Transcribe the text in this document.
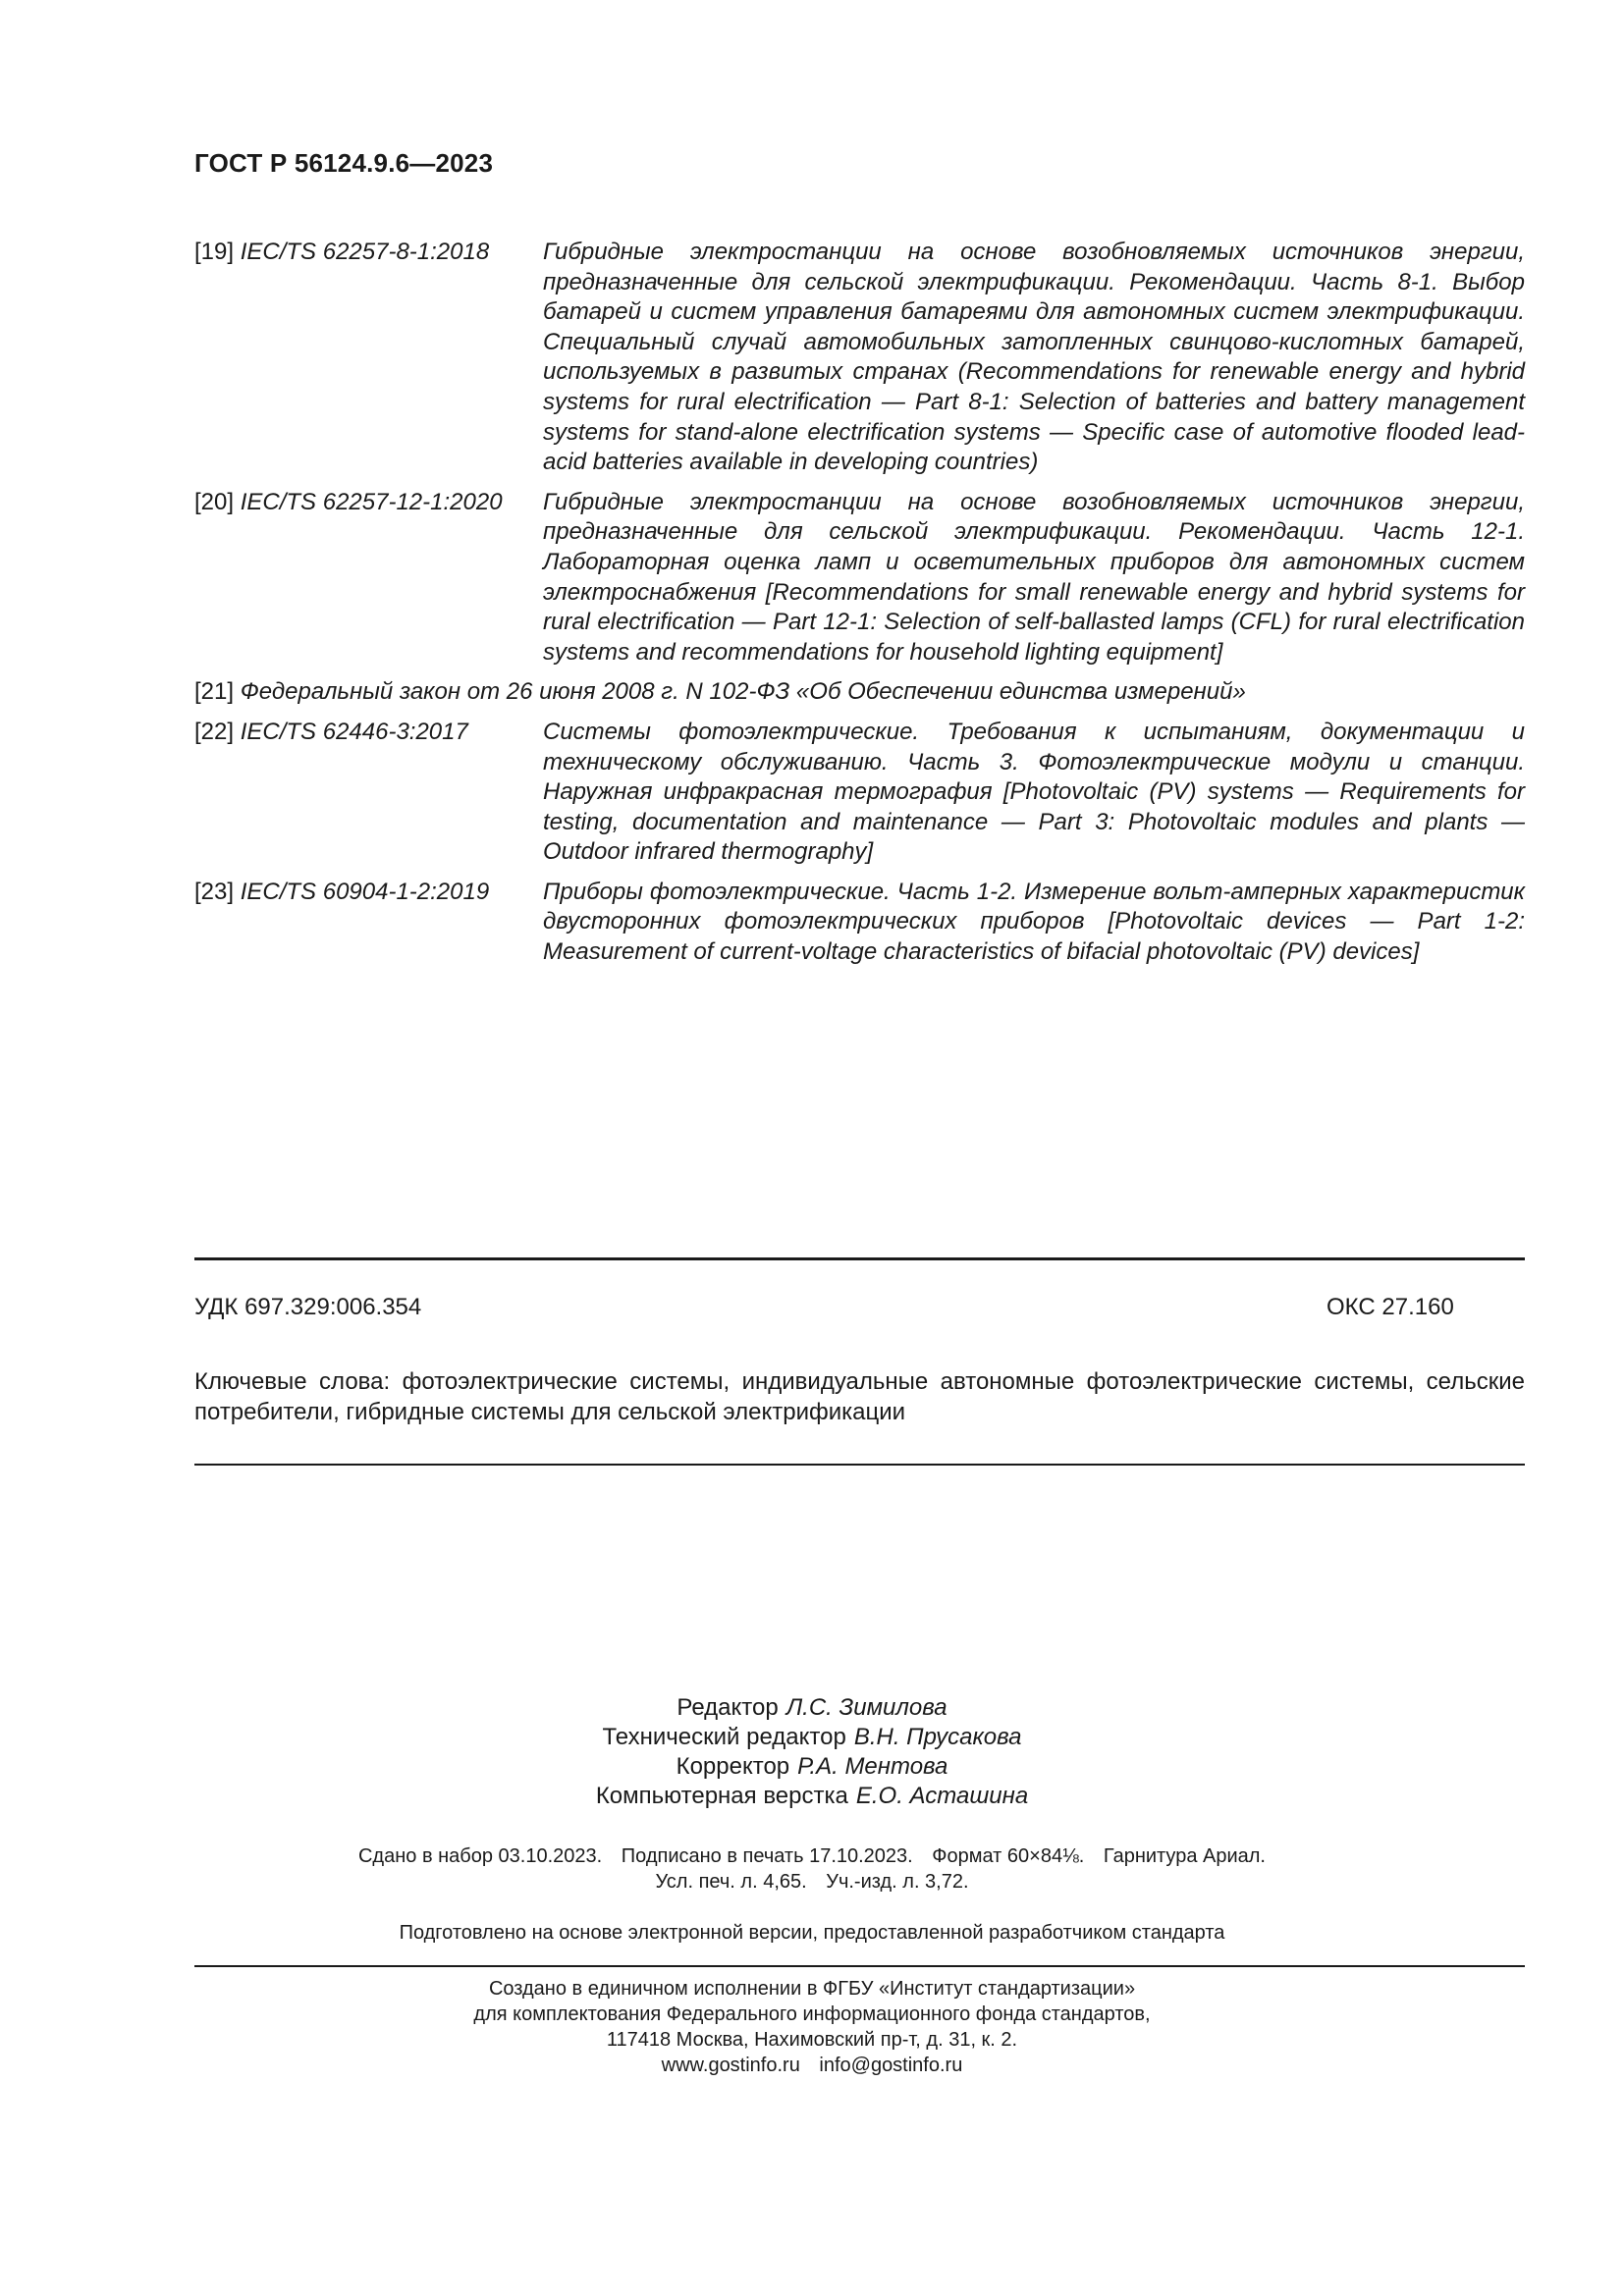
ГОСТ Р 56124.9.6—2023
[19] IEC/TS 62257-8-1:2018	Гибридные электростанции на основе возобновляемых источников энергии, предназначенные для сельской электрификации. Рекомендации. Часть 8-1. Выбор батарей и систем управления батареями для автономных систем электрификации. Специальный случай автомобильных затопленных свинцово-кислотных батарей, используемых в развитых странах (Recommendations for renewable energy and hybrid systems for rural electrification — Part 8-1: Selection of batteries and battery management systems for stand-alone electrification systems — Specific case of automotive flooded lead-acid batteries available in developing countries)
[20] IEC/TS 62257-12-1:2020	Гибридные электростанции на основе возобновляемых источников энергии, предназначенные для сельской электрификации. Рекомендации. Часть 12-1. Лабораторная оценка ламп и осветительных приборов для автономных систем электроснабжения [Recommendations for small renewable energy and hybrid systems for rural electrification — Part 12-1: Selection of self-ballasted lamps (CFL) for rural electrification systems and recommendations for household lighting equipment]
[21] Федеральный закон от 26 июня 2008 г. N 102-ФЗ «Об Обеспечении единства измерений»
[22] IEC/TS 62446-3:2017	Системы фотоэлектрические. Требования к испытаниям, документации и техническому обслуживанию. Часть 3. Фотоэлектрические модули и станции. Наружная инфракрасная термография [Photovoltaic (PV) systems — Requirements for testing, documentation and maintenance — Part 3: Photovoltaic modules and plants — Outdoor infrared thermography]
[23] IEC/TS 60904-1-2:2019	Приборы фотоэлектрические. Часть 1-2. Измерение вольт-амперных характеристик двусторонних фотоэлектрических приборов [Photovoltaic devices — Part 1-2: Measurement of current-voltage characteristics of bifacial photovoltaic (PV) devices]
УДК 697.329:006.354	ОКС 27.160
Ключевые слова: фотоэлектрические системы, индивидуальные автономные фотоэлектрические системы, сельские потребители, гибридные системы для сельской электрификации
Редактор Л.С. Зимилова
Технический редактор В.Н. Прусакова
Корректор Р.А. Ментова
Компьютерная верстка Е.О. Асташина
Сдано в набор 03.10.2023. Подписано в печать 17.10.2023. Формат 60×84⅛. Гарнитура Ариал.
Усл. печ. л. 4,65. Уч.-изд. л. 3,72.
Подготовлено на основе электронной версии, предоставленной разработчиком стандарта
Создано в единичном исполнении в ФГБУ «Институт стандартизации»
для комплектования Федерального информационного фонда стандартов,
117418 Москва, Нахимовский пр-т, д. 31, к. 2.
www.gostinfo.ru info@gostinfo.ru
